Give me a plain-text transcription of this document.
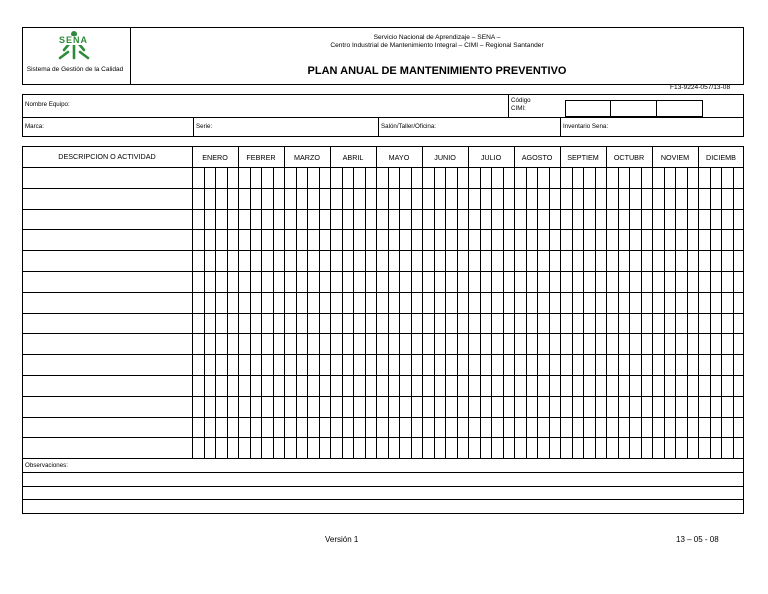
SENA
Sistema de Gestión de la Calidad
Servicio Nacional de Aprendizaje – SENA –
Centro Industrial de Mantenimiento Integral – CIMI – Regional Santander
PLAN ANUAL DE MANTENIMIENTO PREVENTIVO
F13-9224-057/13-08
Nombre Equipo:
Código CIMI:
Marca:	Serie:	Salón/Taller/Oficina:	Inventario Sena:
DESCRIPCION O ACTIVIDAD	ENERO	FEBRER	MARZO	ABRIL	MAYO	JUNIO	JULIO	AGOSTO	SEPTIEM	OCTUBR	NOVIEM	DICIEMB
Observaciones:
Versión 1	13 – 05 - 08
